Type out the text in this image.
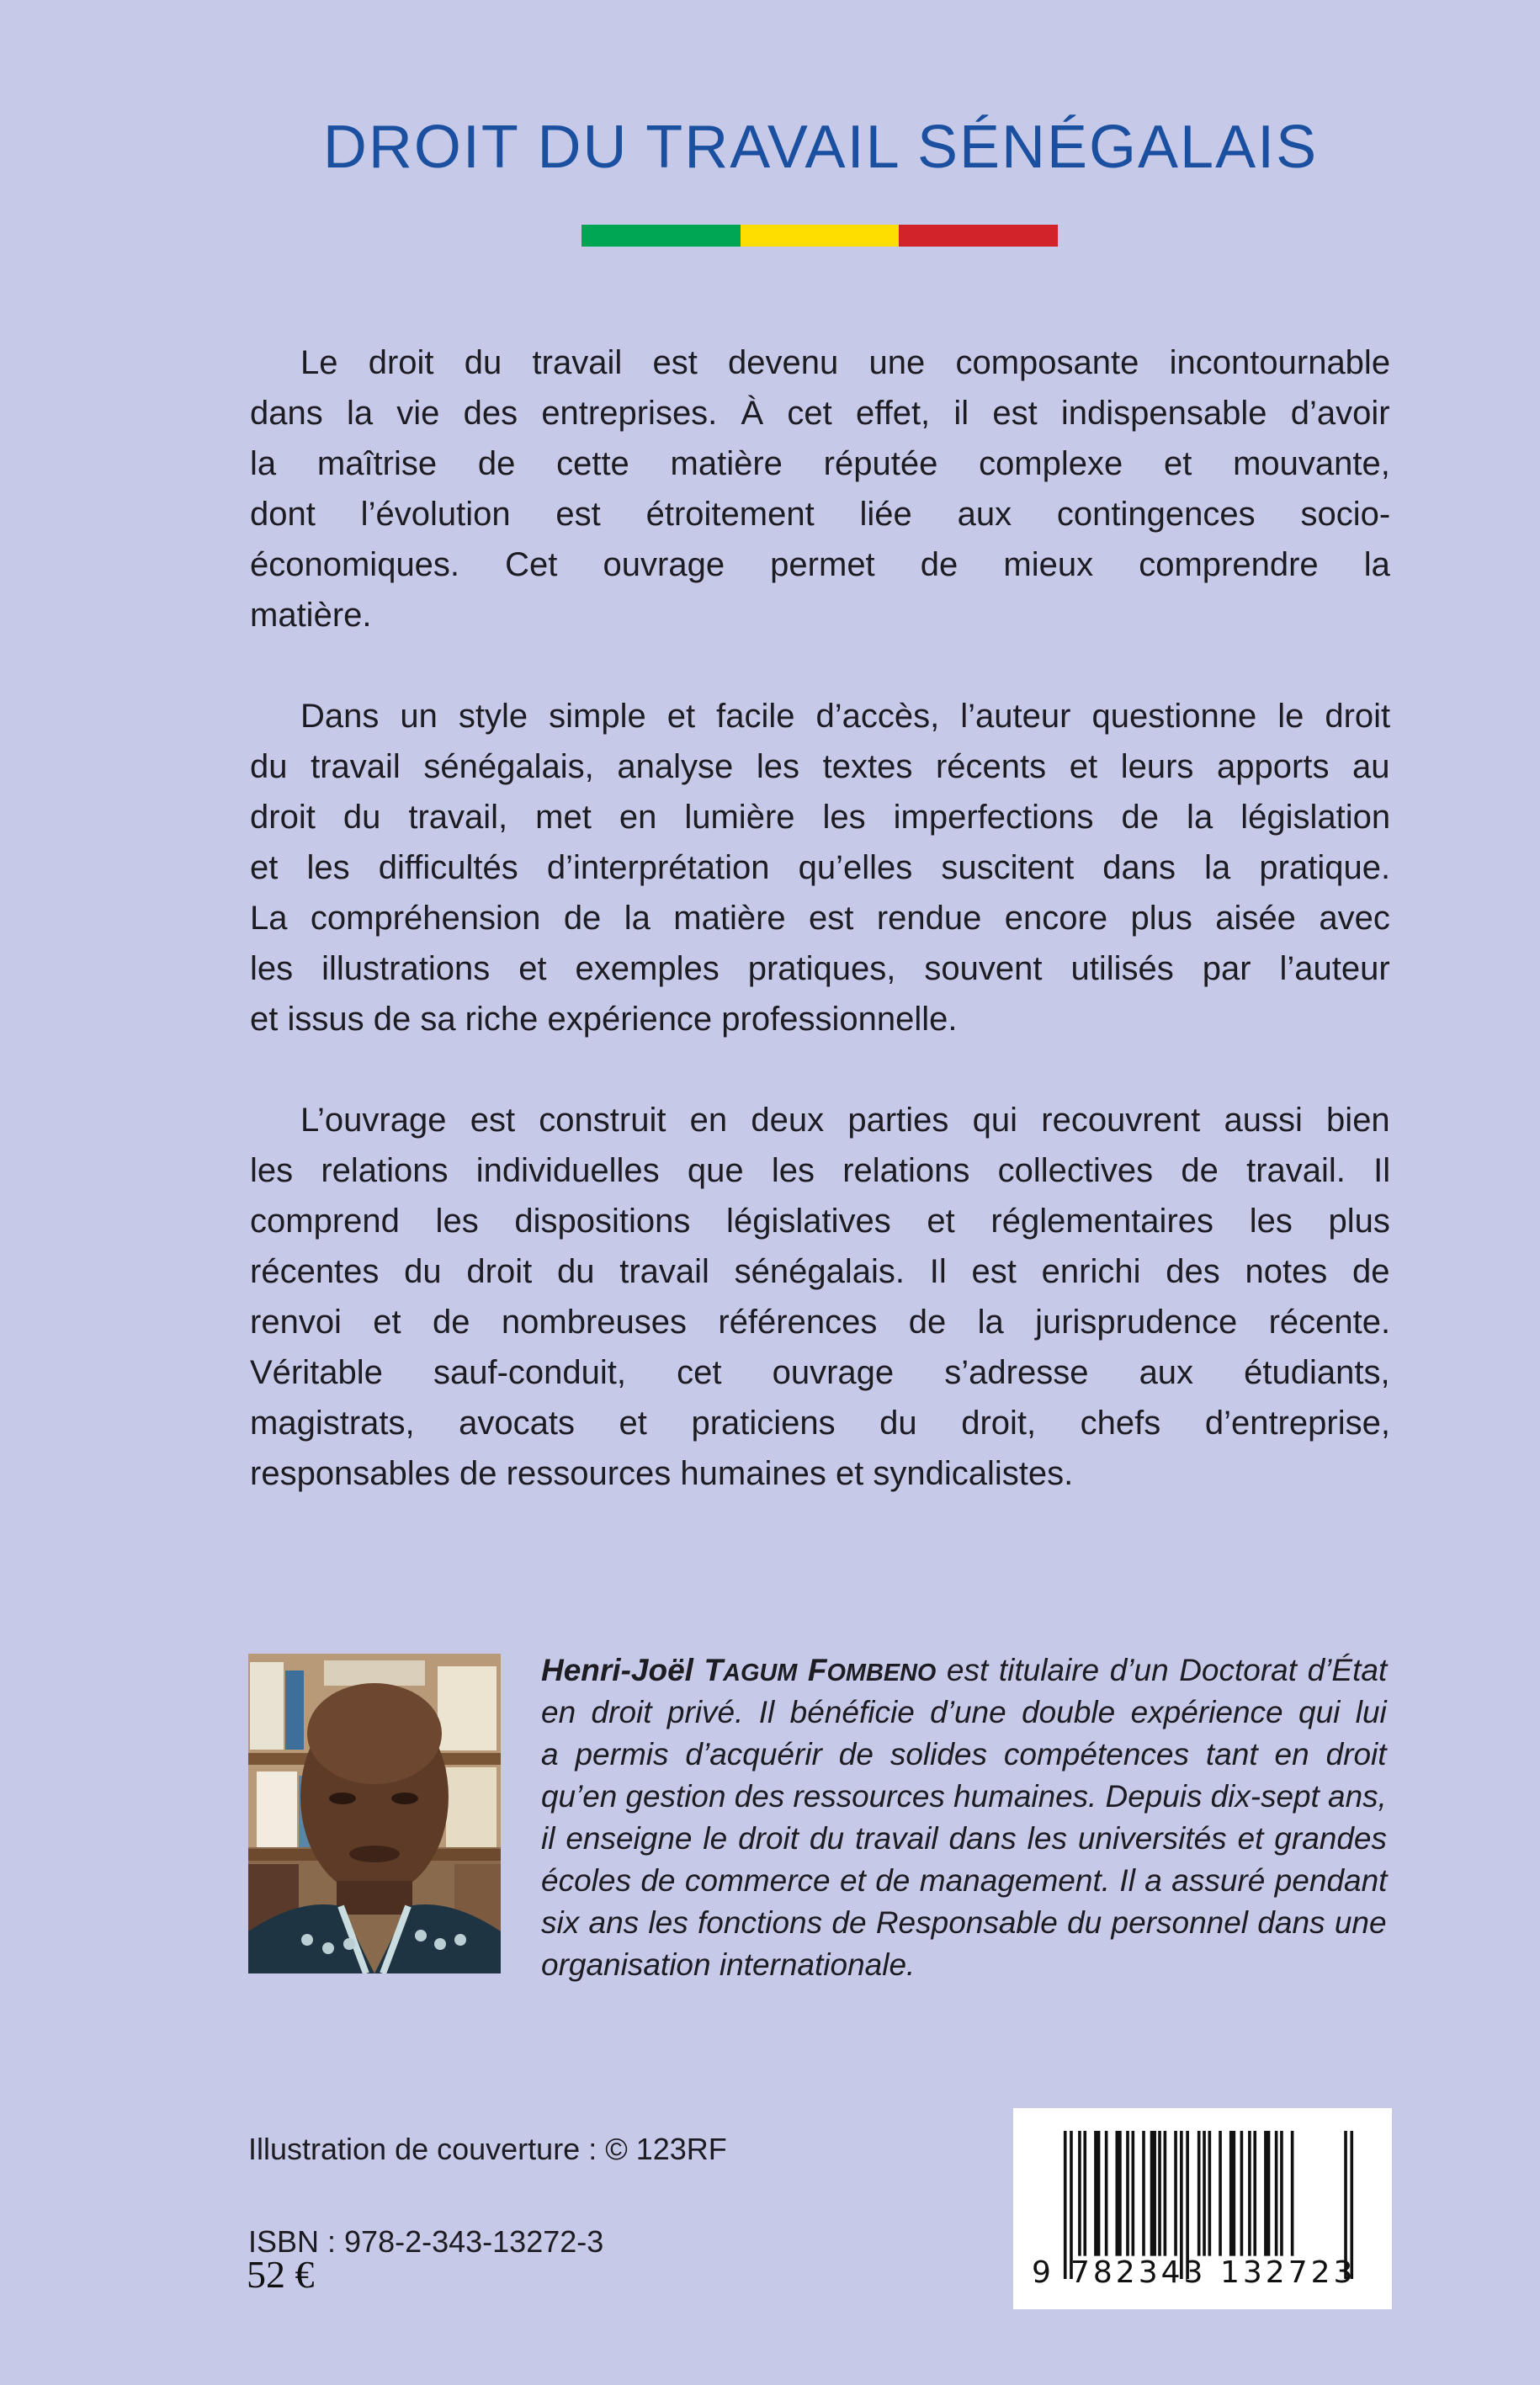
DROIT DU TRAVAIL SÉNÉGALAIS
Le droit du travail est devenu une composante incontournable
dans la vie des entreprises. À cet effet, il est indispensable d’avoir
la maîtrise de cette matière réputée complexe et mouvante,
dont l’évolution est étroitement liée aux contingences socio-
économiques. Cet ouvrage permet de mieux comprendre la
matière.
Dans un style simple et facile d’accès, l’auteur questionne le droit
du travail sénégalais, analyse les textes récents et leurs apports au
droit du travail, met en lumière les imperfections de la législation
et les difficultés d’interprétation qu’elles suscitent dans la pratique.
La compréhension de la matière est rendue encore plus aisée avec
les illustrations et exemples pratiques, souvent utilisés par l’auteur
et issus de sa riche expérience professionnelle.
L’ouvrage est construit en deux parties qui recouvrent aussi bien
les relations individuelles que les relations collectives de travail. Il
comprend les dispositions législatives et réglementaires les plus
récentes du droit du travail sénégalais. Il est enrichi des notes de
renvoi et de nombreuses références de la jurisprudence récente.
Véritable sauf-conduit, cet ouvrage s’adresse aux étudiants,
magistrats, avocats et praticiens du droit, chefs d’entreprise,
responsables de ressources humaines et syndicalistes.
Henri-Joël TAGUM FOMBENO est titulaire d’un Doctorat d’État
en droit privé. Il bénéficie d’une double expérience qui lui
a permis d’acquérir de solides compétences tant en droit
qu’en gestion des ressources humaines. Depuis dix-sept ans,
il enseigne le droit du travail dans les universités et grandes
écoles de commerce et de management. Il a assuré pendant
six ans les fonctions de Responsable du personnel dans une
organisation internationale.
Illustration de couverture : © 123RF
ISBN : 978-2-343-13272-3
52 €	9 782343 132723
